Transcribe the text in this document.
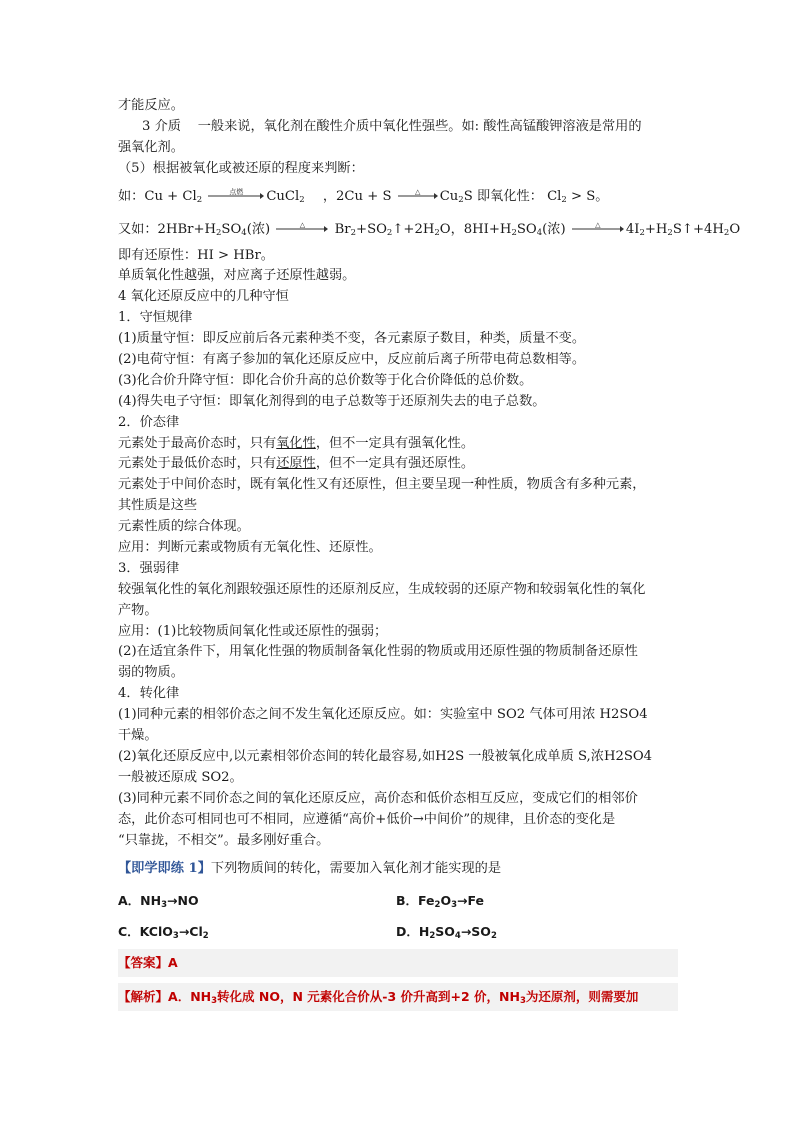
才能反应。
3 介质    一般来说，氧化剂在酸性介质中氧化性强些。如: 酸性高锰酸钾溶液是常用的
强氧化剂。
（5）根据被氧化或被还原的程度来判断：
如：$Cu + Cl_2$
点燃	CuCl$_2$ ，2Cu + S	△	$Cu_2S$ 即氧化性： $Cl_2 > S$。
又如：$2HBr+H_2SO_4$(浓)	△	$Br_2+SO_2↑+2H_2O$，$8HI+H_2SO_4$(浓)	△	$4I_2+H_2S↑+4H_2O$
即有还原性：HI > HBr。
单质氧化性越强，对应离子还原性越弱。
4 氧化还原反应中的几种守恒
1．守恒规律
(1)质量守恒：即反应前后各元素种类不变，各元素原子数目，种类，质量不变。
(2)电荷守恒：有离子参加的氧化还原反应中，反应前后离子所带电荷总数相等。
(3)化合价升降守恒：即化合价升高的总价数等于化合价降低的总价数。
(4)得失电子守恒：即氧化剂得到的电子总数等于还原剂失去的电子总数。
2．价态律
元素处于最高价态时，只有氧化性，但不一定具有强氧化性。
元素处于最低价态时，只有还原性，但不一定具有强还原性。
元素处于中间价态时，既有氧化性又有还原性，但主要呈现一种性质，物质含有多种元素，
其性质是这些
元素性质的综合体现。
应用：判断元素或物质有无氧化性、还原性。
3．强弱律
较强氧化性的氧化剂跟较强还原性的还原剂反应，生成较弱的还原产物和较弱氧化性的氧化
产物。
应用：(1)比较物质间氧化性或还原性的强弱；
(2)在适宜条件下，用氧化性强的物质制备氧化性弱的物质或用还原性强的物质制备还原性
弱的物质。
4．转化律
(1)同种元素的相邻价态之间不发生氧化还原反应。如：实验室中 SO2 气体可用浓 H2SO4
干燥。
(2)氧化还原反应中,以元素相邻价态间的转化最容易,如H2S 一般被氧化成单质 S,浓H2SO4
一般被还原成 SO2。
(3)同种元素不同价态之间的氧化还原反应，高价态和低价态相互反应，变成它们的相邻价
态，此价态可相同也可不相同，应遵循“高价+低价→中间价”的规律，且价态的变化是
“只靠拢，不相交”。最多刚好重合。
【即学即练 1】下列物质间的转化，需要加入氧化剂才能实现的是
A．$NH_3\to NO$	B．$Fe_2O_3\to Fe$
C．$KClO_3\to Cl_2$	D．$H_2SO_4\to SO_2$
【答案】A
【解析】A．$NH_3$转化成 NO，N 元素化合价从-3 价升高到+2 价，$NH_3$为还原剂，则需要加
